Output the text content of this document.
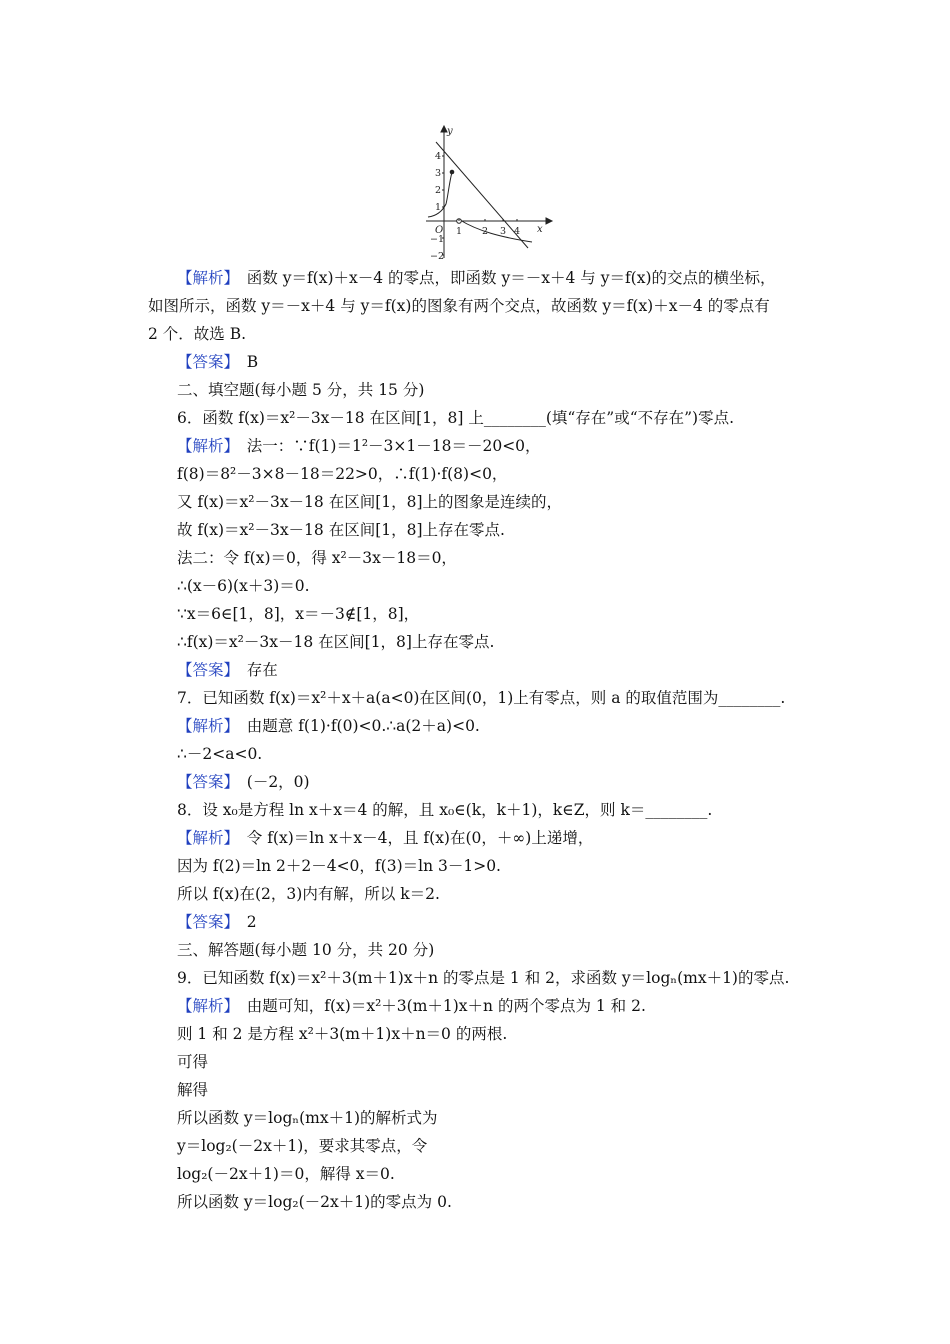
y
x
O
4
3
2
1
−1
−2
1 2 3 4
【解析】　函数 y＝f(x)＋x－4 的零点，即函数 y＝－x＋4 与 y＝f(x)的交点的横坐标，
如图所示，函数 y＝－x＋4 与 y＝f(x)的图象有两个交点，故函数 y＝f(x)＋x－4 的零点有
2 个．故选 B.
【答案】　B
二、填空题(每小题 5 分，共 15 分)
6．函数 f(x)＝x²－3x－18 在区间[1，8] 上________(填“存在”或“不存在”)零点.
【解析】　法一：∵f(1)＝1²－3×1－18＝－20<0，
f(8)＝8²－3×8－18＝22>0，∴f(1)·f(8)<0，
又 f(x)＝x²－3x－18 在区间[1，8]上的图象是连续的，
故 f(x)＝x²－3x－18 在区间[1，8]上存在零点.
法二：令 f(x)＝0，得 x²－3x－18＝0，
∴(x－6)(x＋3)＝0.
∵x＝6∈[1，8]，x＝－3∉[1，8]，
∴f(x)＝x²－3x－18 在区间[1，8]上存在零点.
【答案】　存在
7．已知函数 f(x)＝x²＋x＋a(a<0)在区间(0，1)上有零点，则 a 的取值范围为________.
【解析】　由题意 f(1)·f(0)<0.∴a(2＋a)<0.
∴－2<a<0.
【答案】　(－2，0)
8．设 x₀是方程 ln x＋x＝4 的解，且 x₀∈(k，k＋1)，k∈Z，则 k＝________.
【解析】　令 f(x)＝ln x＋x－4，且 f(x)在(0，＋∞)上递增，
因为 f(2)＝ln 2＋2－4<0，f(3)＝ln 3－1>0.
所以 f(x)在(2，3)内有解，所以 k＝2.
【答案】　2
三、解答题(每小题 10 分，共 20 分)
9．已知函数 f(x)＝x²＋3(m＋1)x＋n 的零点是 1 和 2，求函数 y＝logₙ(mx＋1)的零点.
【解析】　由题可知，f(x)＝x²＋3(m＋1)x＋n 的两个零点为 1 和 2.
则 1 和 2 是方程 x²＋3(m＋1)x＋n＝0 的两根.
可得
解得
所以函数 y＝logₙ(mx＋1)的解析式为
y＝log₂(－2x＋1)，要求其零点，令
log₂(－2x＋1)＝0，解得 x＝0.
所以函数 y＝log₂(－2x＋1)的零点为 0.
